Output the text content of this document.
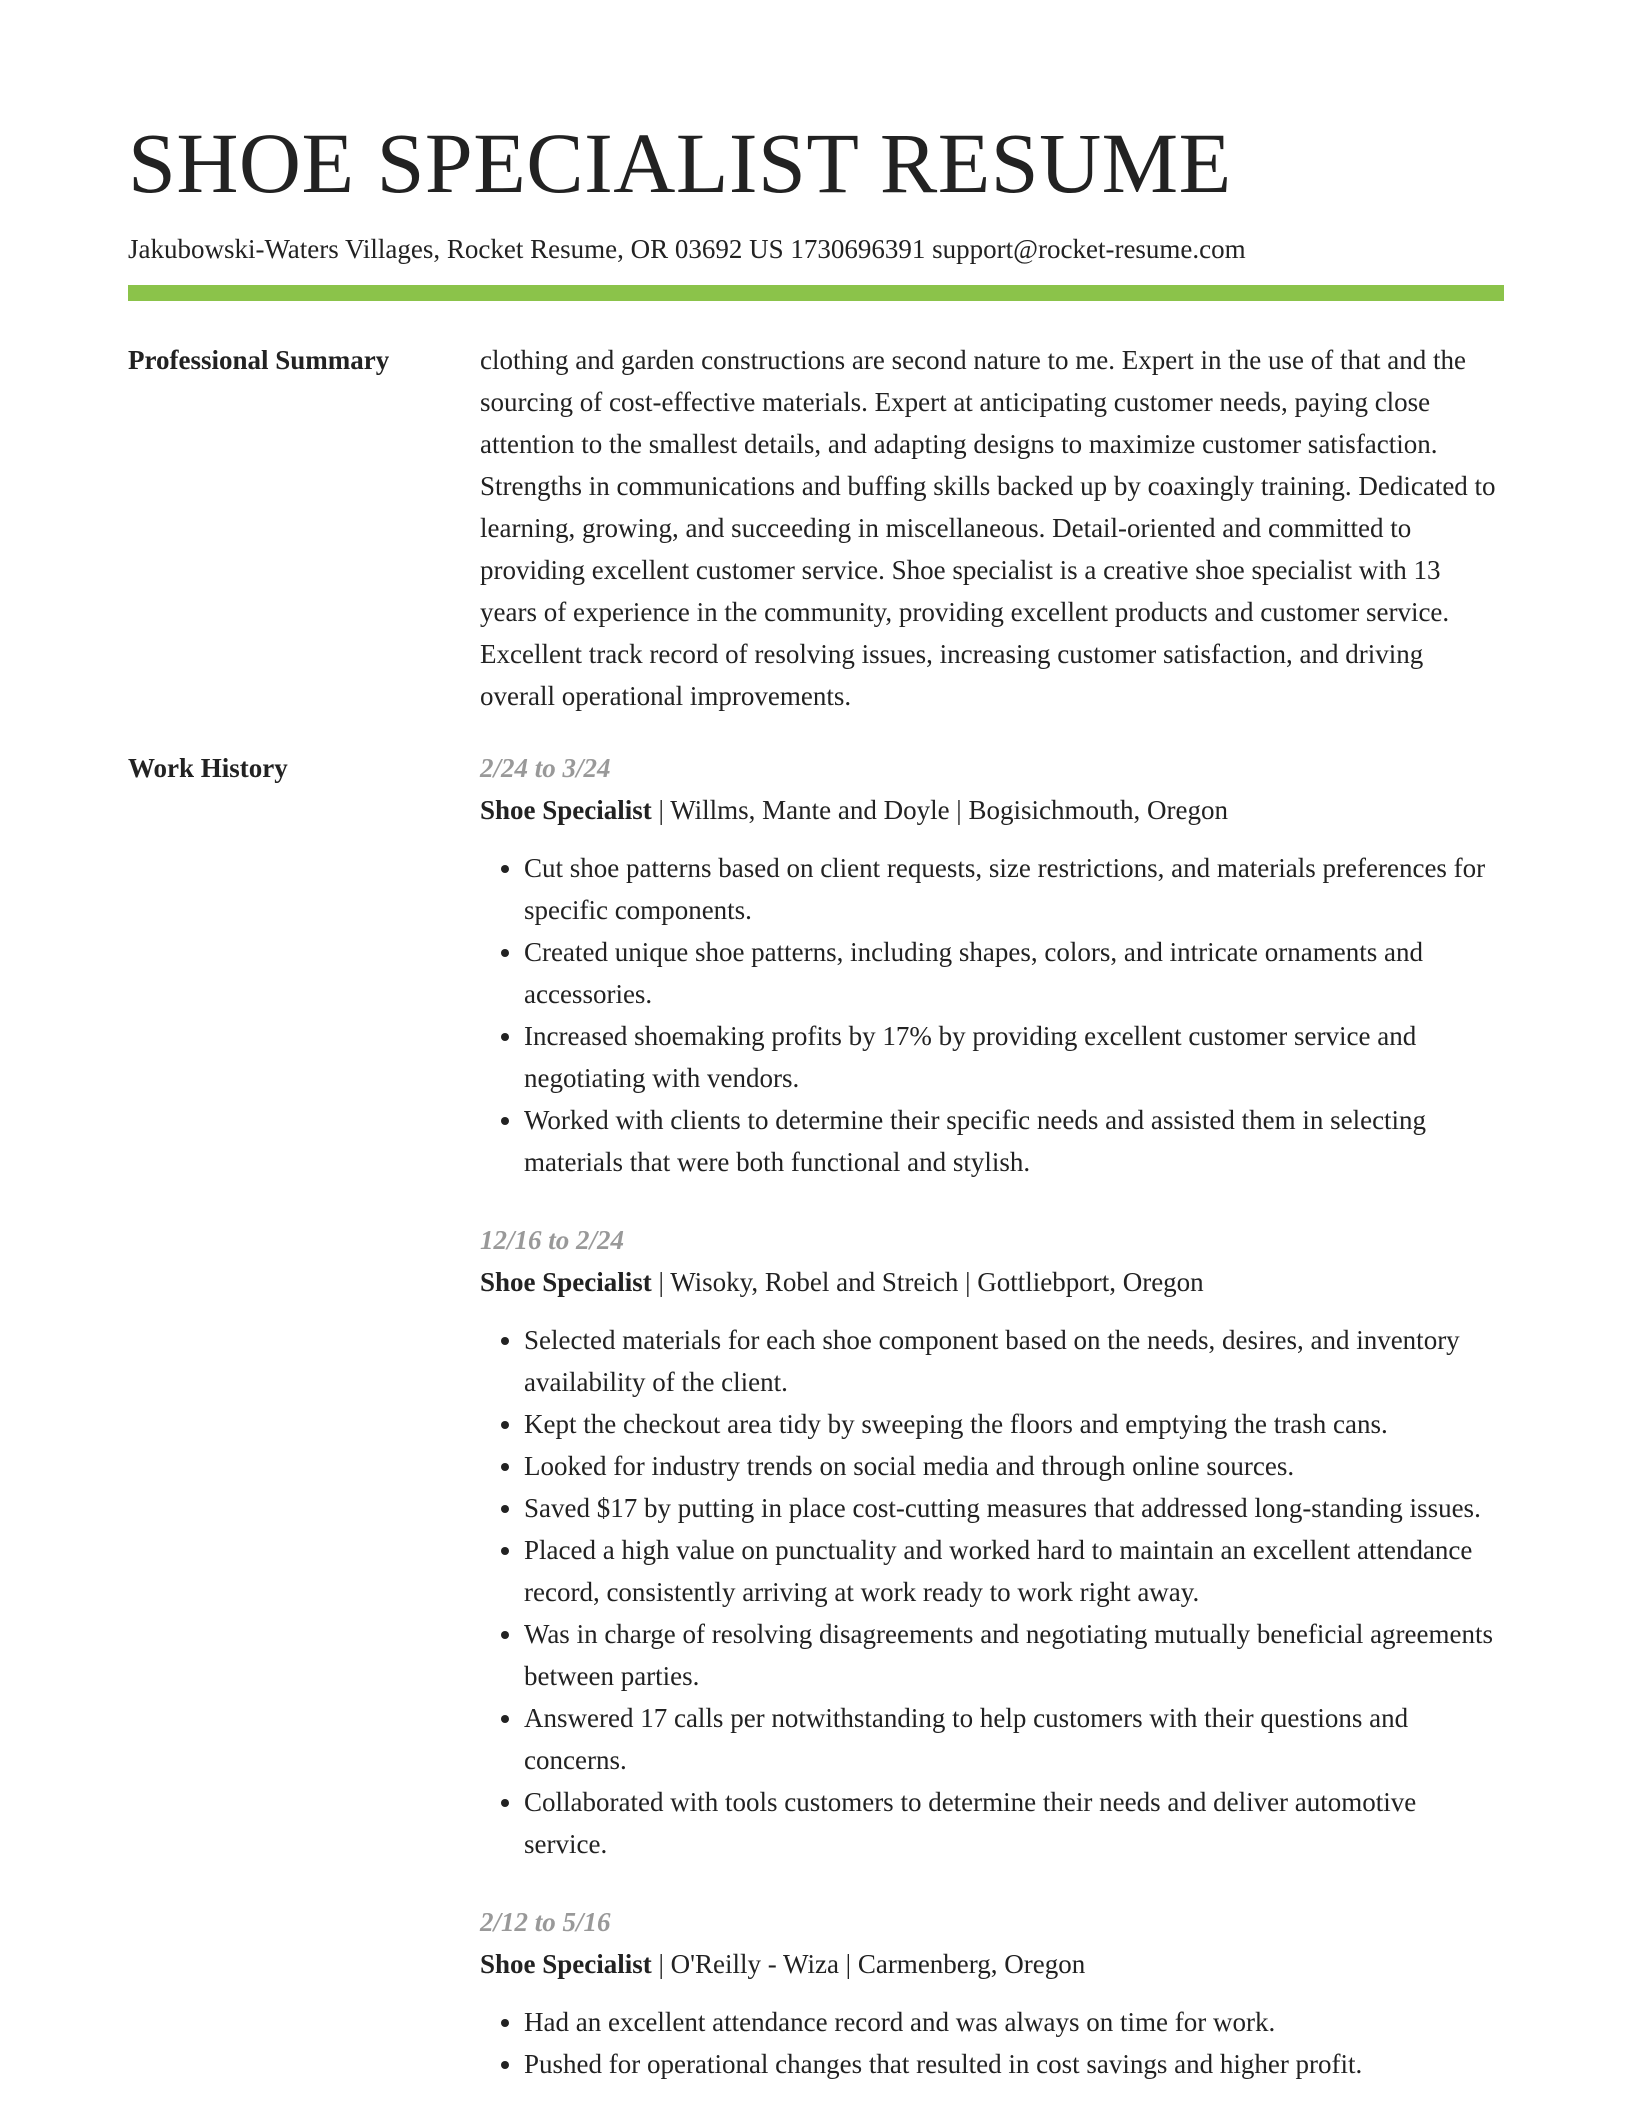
SHOE SPECIALIST RESUME
Jakubowski-Waters Villages, Rocket Resume, OR 03692 US 1730696391 support@rocket-resume.com
Professional Summary	clothing and garden constructions are second nature to me. Expert in the use of that and the sourcing of cost-effective materials. Expert at anticipating customer needs, paying close attention to the smallest details, and adapting designs to maximize customer satisfaction. Strengths in communications and buffing skills backed up by coaxingly training. Dedicated to learning, growing, and succeeding in miscellaneous. Detail-oriented and committed to providing excellent customer service. Shoe specialist is a creative shoe specialist with 13 years of experience in the community, providing excellent products and customer service. Excellent track record of resolving issues, increasing customer satisfaction, and driving overall operational improvements.

Work History	2/24 to 3/24
Shoe Specialist | Willms, Mante and Doyle | Bogisichmouth, Oregon
• Cut shoe patterns based on client requests, size restrictions, and materials preferences for specific components.
• Created unique shoe patterns, including shapes, colors, and intricate ornaments and accessories.
• Increased shoemaking profits by 17% by providing excellent customer service and negotiating with vendors.
• Worked with clients to determine their specific needs and assisted them in selecting materials that were both functional and stylish.
12/16 to 2/24
Shoe Specialist | Wisoky, Robel and Streich | Gottliebport, Oregon
• Selected materials for each shoe component based on the needs, desires, and inventory availability of the client.
• Kept the checkout area tidy by sweeping the floors and emptying the trash cans.
• Looked for industry trends on social media and through online sources.
• Saved $17 by putting in place cost-cutting measures that addressed long-standing issues.
• Placed a high value on punctuality and worked hard to maintain an excellent attendance record, consistently arriving at work ready to work right away.
• Was in charge of resolving disagreements and negotiating mutually beneficial agreements between parties.
• Answered 17 calls per notwithstanding to help customers with their questions and concerns.
• Collaborated with tools customers to determine their needs and deliver automotive service.
2/12 to 5/16
Shoe Specialist | O'Reilly - Wiza | Carmenberg, Oregon
• Had an excellent attendance record and was always on time for work.
• Pushed for operational changes that resulted in cost savings and higher profit.
